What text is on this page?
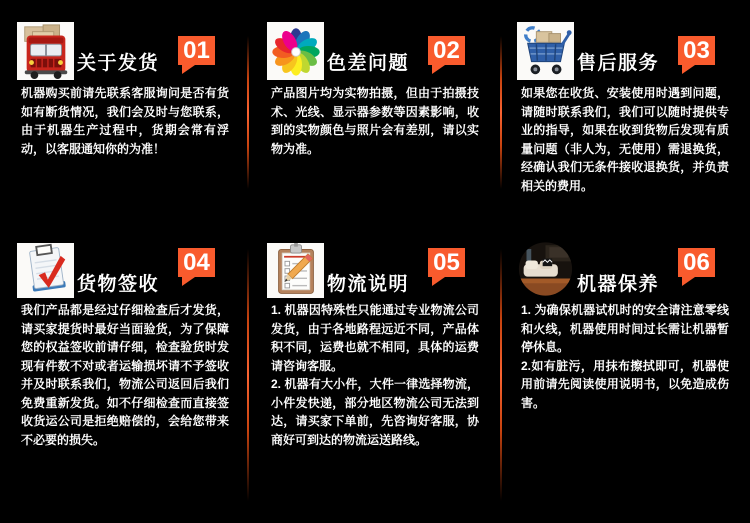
关于发货 01

机器购买前请先联系客服询问是否有货如有断货情况，我们会及时与您联系，由于机器生产过程中，货期会常有浮动，以客服通知你的为准！

色差问题 02

产品图片均为实物拍摄，但由于拍摄技术、光线、显示器参数等因素影响，收到的实物颜色与照片会有差别，请以实物为准。

售后服务 03

如果您在收货、安装使用时遇到问题，请随时联系我们，我们可以随时提供专业的指导，如果在收到货物后发现有质量问题（非人为，无使用）需退换货，经确认我们无条件接收退换货，并负责相关的费用。

货物签收
04

我们产品都是经过仔细检查后才发货，请买家提货时最好当面验货，为了保障您的权益签收前请仔细，检查验货时发现有件数不对或者运输损坏请不予签收并及时联系我们，物流公司返回后我们免费重新发货。如不仔细检查而直接签收货运公司是拒绝赔偿的，会给您带来不必要的损失。

物流说明
05

1. 机器因特殊性只能通过专业物流公司发货，由于各地路程远近不同，产品体积不同，运费也就不相同，具体的运费请咨询客服。

2. 机器有大小件，大件一律选择物流，小件发快递，部分地区物流公司无法到达，请买家下单前，先咨询好客服，协商好可到达的物流运送路线。

机器保养
06

1. 为确保机器试机时的安全请注意零线和火线，机器使用时间过长需让机器暂停休息。

2.如有脏污，用抹布擦拭即可，机器使用前请先阅读使用说明书，以免造成伤害。
